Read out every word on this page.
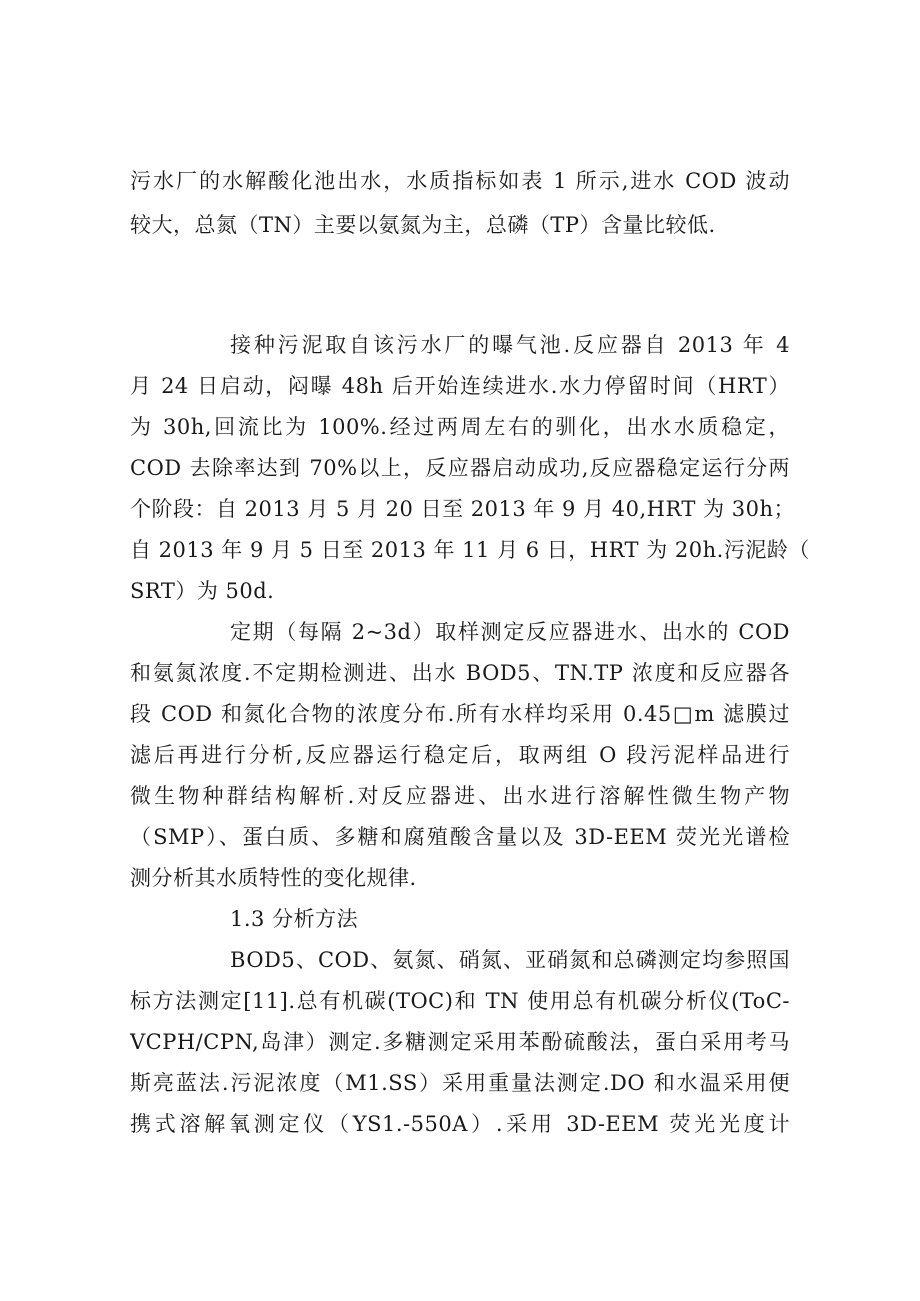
污水厂的水解酸化池出水，水质指标如表 1 所示,进水 COD 波动
较大，总氮（TN）主要以氨氮为主，总磷（TP）含量比较低.
接种污泥取自该污水厂的曝气池.反应器自 2013 年 4
月 24 日启动，闷曝 48h 后开始连续进水.水力停留时间（HRT）
为 30h,回流比为 100%.经过两周左右的驯化，出水水质稳定，
COD 去除率达到 70%以上，反应器启动成功,反应器稳定运行分两
个阶段：自 2013 月 5 月 20 日至 2013 年 9 月 40,HRT 为 30h；
自 2013 年 9 月 5 日至 2013 年 11 月 6 日，HRT 为 20h.污泥龄（
SRT）为 50d.
定期（每隔 2~3d）取样测定反应器进水、出水的 COD
和氨氮浓度.不定期检测进、出水 BOD5、TN.TP 浓度和反应器各
段 COD 和氮化合物的浓度分布.所有水样均采用 0.45□m 滤膜过
滤后再进行分析,反应器运行稳定后，取两组 O 段污泥样品进行
微生物种群结构解析.对反应器进、出水进行溶解性微生物产物
（SMP）、蛋白质、多糖和腐殖酸含量以及 3D-EEM 荧光光谱检
测分析其水质特性的变化规律.
1.3 分析方法
BOD5、COD、氨氮、硝氮、亚硝氮和总磷测定均参照国
标方法测定[11].总有机碳(TOC)和 TN 使用总有机碳分析仪(ToC-
VCPH/CPN,岛津）测定.多糖测定采用苯酚硫酸法，蛋白采用考马
斯亮蓝法.污泥浓度（M1.SS）采用重量法测定.DO 和水温采用便
携式溶解氧测定仪（YS1.-550A）.采用 3D-EEM 荧光光度计
